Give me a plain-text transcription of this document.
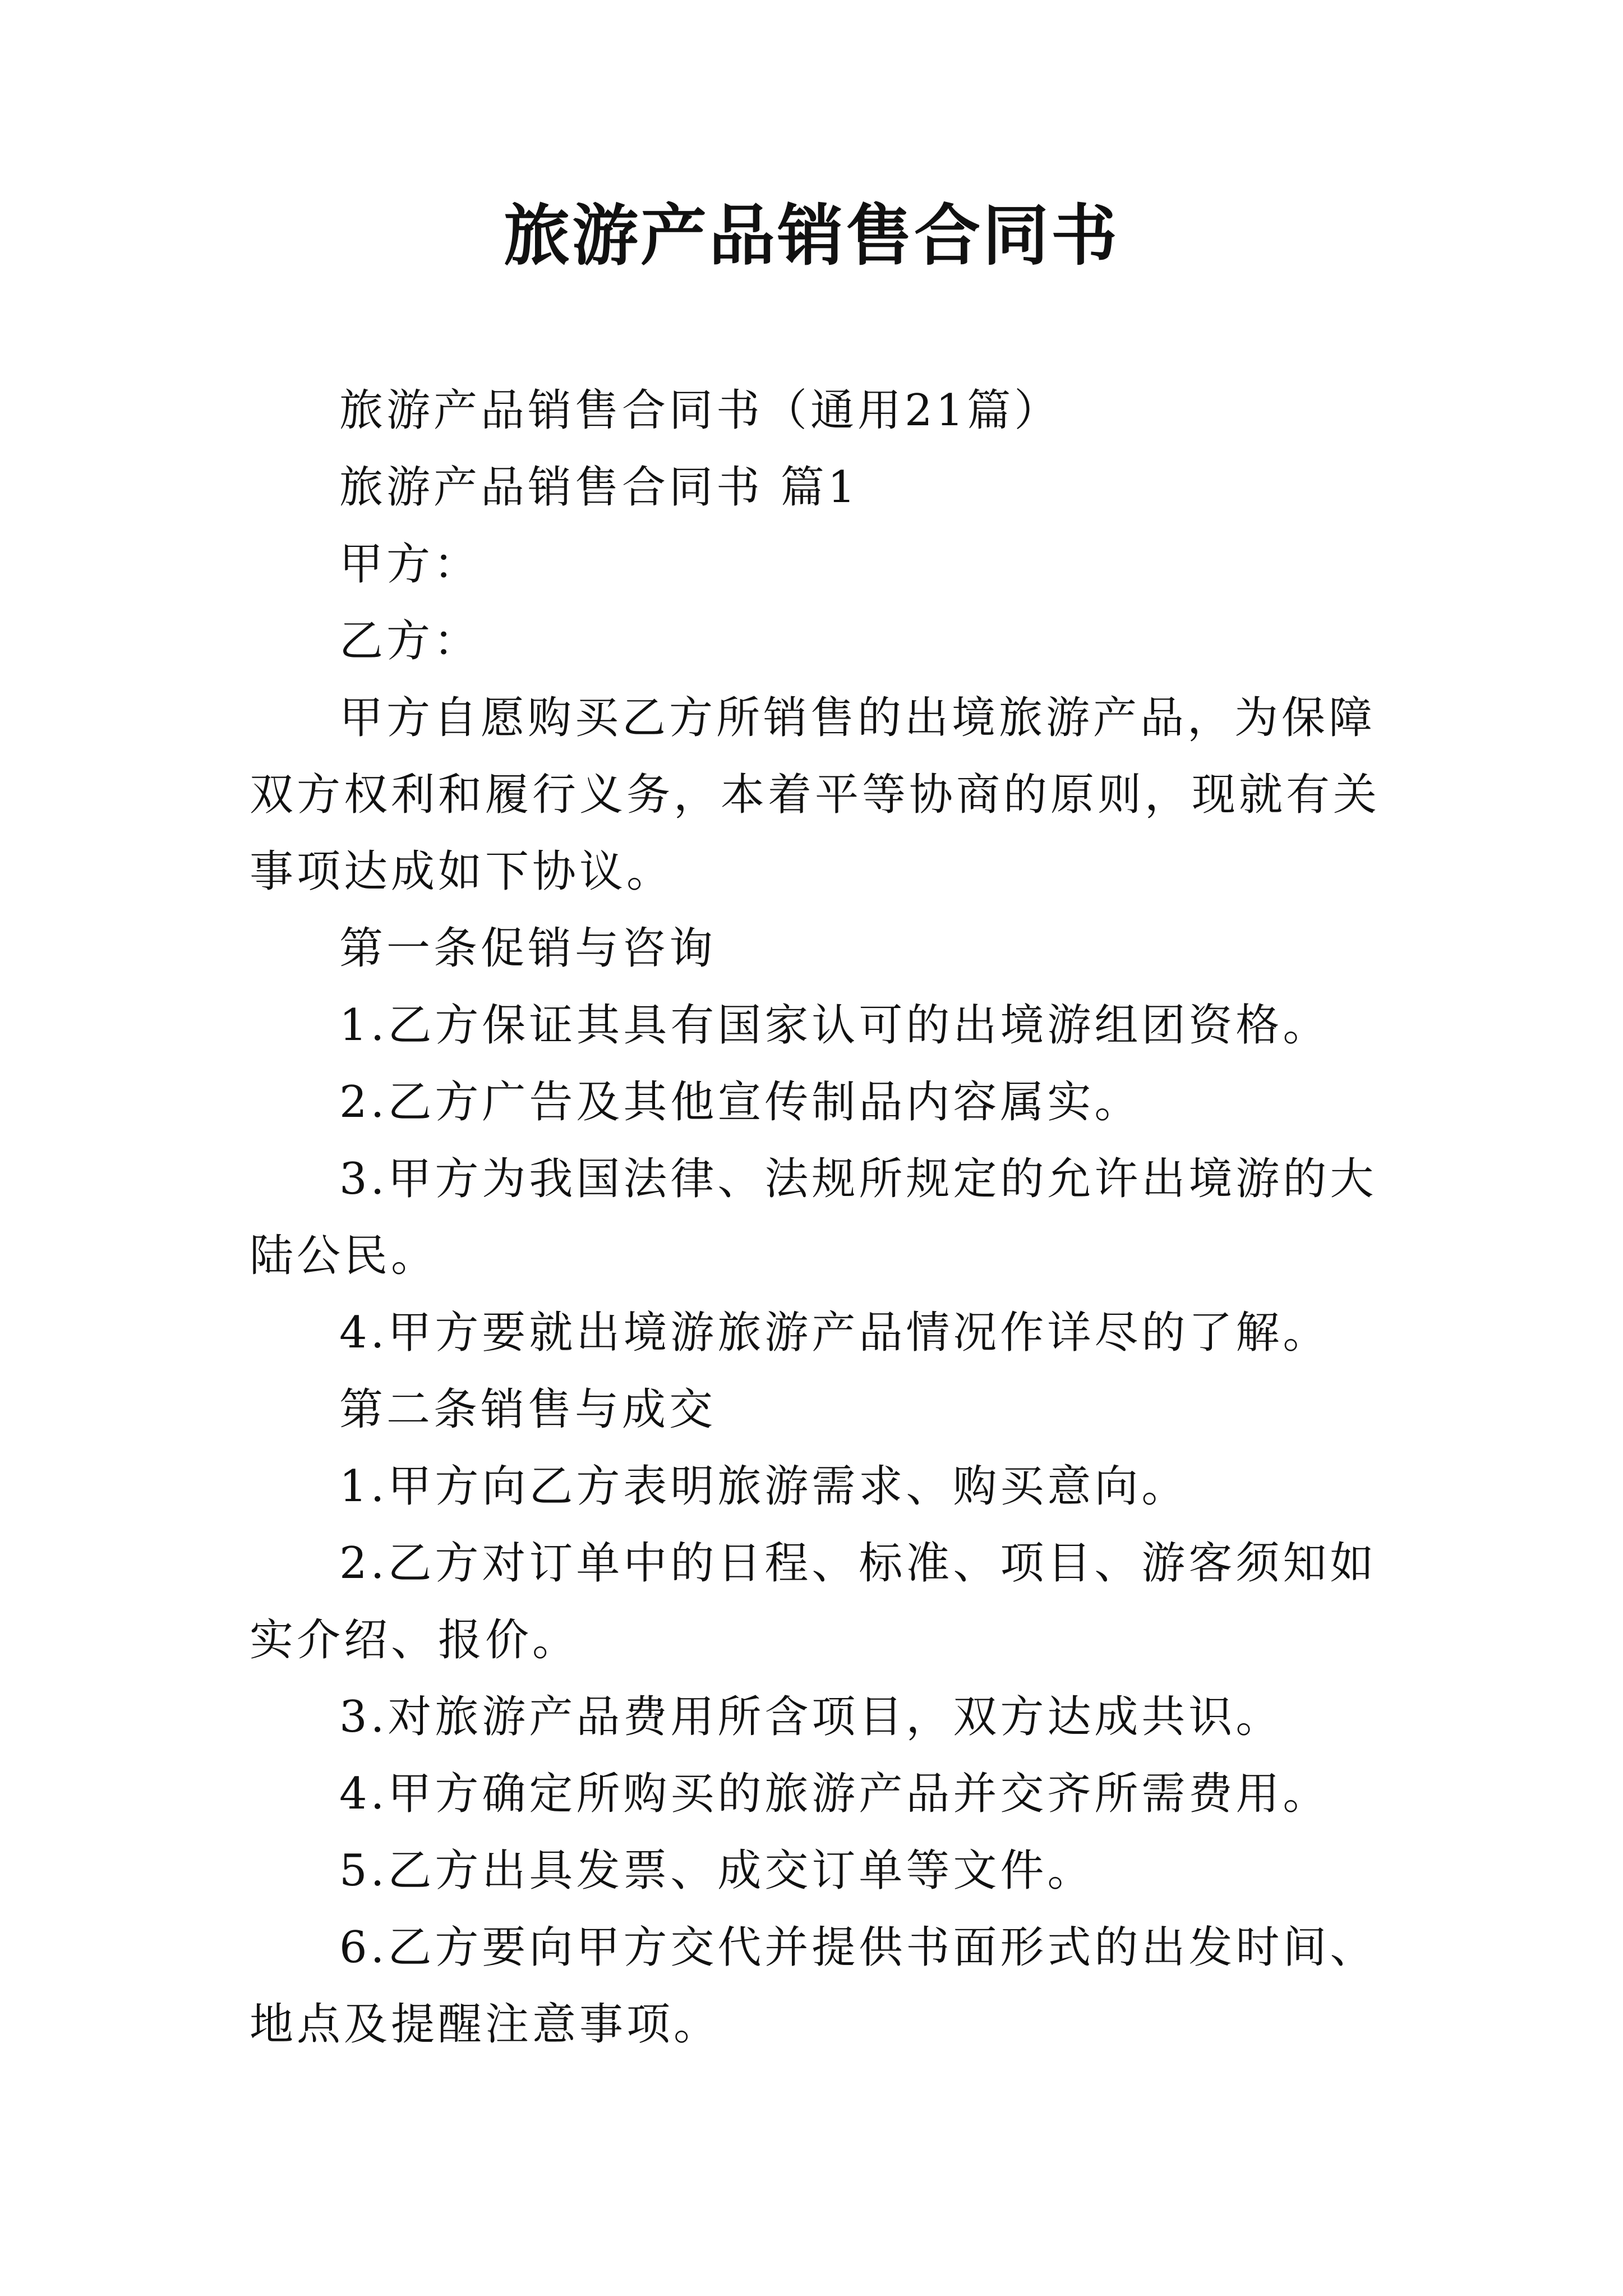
旅游产品销售合同书

旅游产品销售合同书（通用21篇）

旅游产品销售合同书 篇1

甲方：

乙方：

甲方自愿购买乙方所销售的出境旅游产品，为保障双方权利和履行义务，本着平等协商的原则，现就有关事项达成如下协议。

第一条促销与咨询

1.乙方保证其具有国家认可的出境游组团资格。

2.乙方广告及其他宣传制品内容属实。

3.甲方为我国法律、法规所规定的允许出境游的大陆公民。

4.甲方要就出境游旅游产品情况作详尽的了解。

第二条销售与成交

1.甲方向乙方表明旅游需求、购买意向。

2.乙方对订单中的日程、标准、项目、游客须知如实介绍、报价。

3.对旅游产品费用所含项目，双方达成共识。

4.甲方确定所购买的旅游产品并交齐所需费用。

5.乙方出具发票、成交订单等文件。

6.乙方要向甲方交代并提供书面形式的出发时间、地点及提醒注意事项。
